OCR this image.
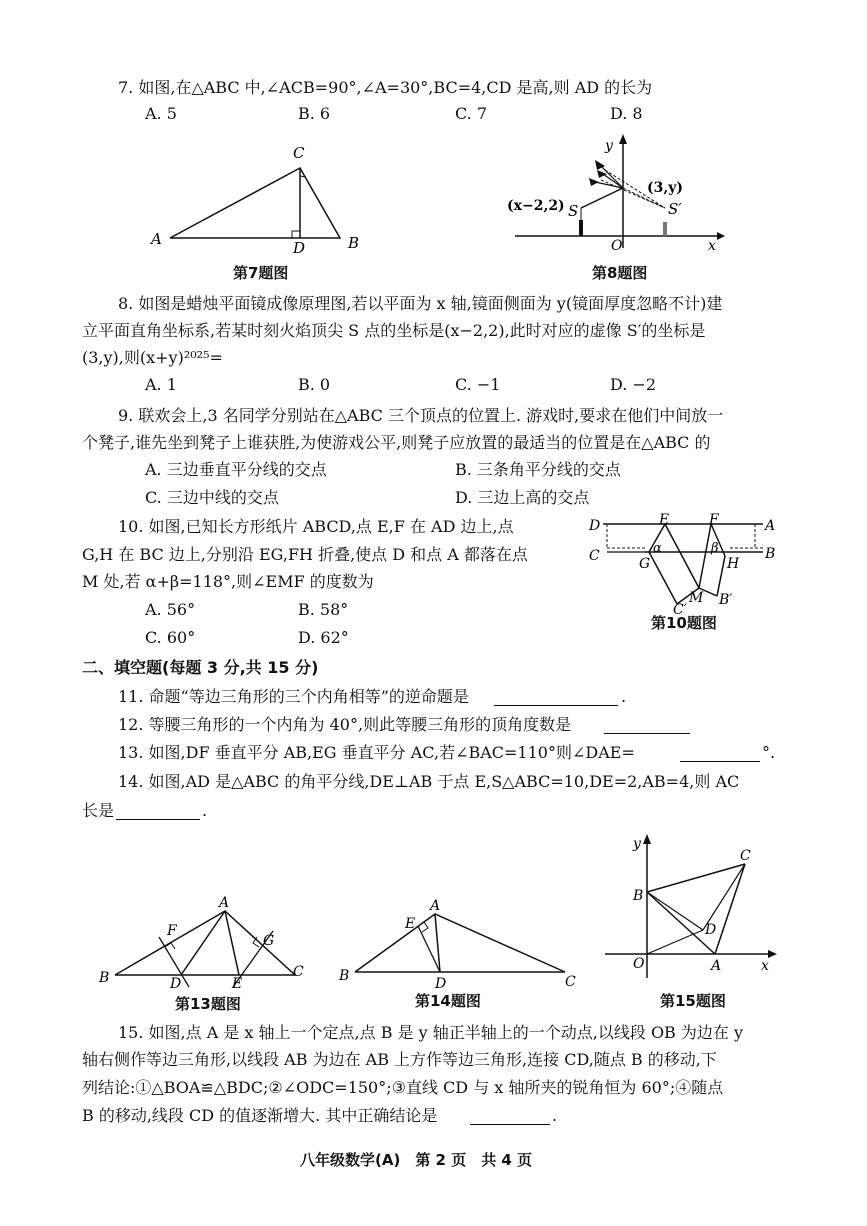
7. 如图,在△ABC 中,∠ACB=90°,∠A=30°,BC=4,CD 是高,则 AD 的长为
A. 5	B. 6	C. 7	D. 8
A
C
D	B
第7题图
(x−2,2) S	S′
(3,y)
O	x
y
第8题图
8. 如图是蜡烛平面镜成像原理图,若以平面为 x 轴,镜面侧面为 y(镜面厚度忽略不计)建
立平面直角坐标系,若某时刻火焰顶尖 S 点的坐标是(x−2,2),此时对应的虚像 S′的坐标是
(3,y),则(x+y)²⁰²⁵=
A. 1	B. 0	C. −1	D. −2
9. 联欢会上,3 名同学分别站在△ABC 三个顶点的位置上. 游戏时,要求在他们中间放一
个凳子,谁先坐到凳子上谁获胜,为使游戏公平,则凳子应放置的最适当的位置是在△ABC 的
A. 三边垂直平分线的交点	B. 三条角平分线的交点
C. 三边中线的交点	D. 三边上高的交点
10. 如图,已知长方形纸片 ABCD,点 E,F 在 AD 边上,点
G,H 在 BC 边上,分别沿 EG,FH 折叠,使点 D 和点 A 都落在点
M 处,若 α+β=118°,则∠EMF 的度数为
A. 56°	B. 58°
C. 60°	D. 62°
D	E	F	A
C	B
G	H
α	β
M
C′
B′
第10题图
二、填空题(每题 3 分,共 15 分)
11. 命题“等边三角形的三个内角相等”的逆命题是	.
12. 等腰三角形的一个内角为 40°,则此等腰三角形的顶角度数是
13. 如图,DF 垂直平分 AB,EG 垂直平分 AC,若∠BAC=110°则∠DAE=	°.
14. 如图,AD 是△ABC 的角平分线,DE⊥AB 于点 E,S△ABC=10,DE=2,AB=4,则 AC
长是	.
B
A
C
D	E
F
G
第13题图
B
A
E
D	C
第14题图
y
B
C
D
O	A	x
第15题图
15. 如图,点 A 是 x 轴上一个定点,点 B 是 y 轴正半轴上的一个动点,以线段 OB 为边在 y
轴右侧作等边三角形,以线段 AB 为边在 AB 上方作等边三角形,连接 CD,随点 B 的移动,下
列结论:①△BOA≌△BDC;②∠ODC=150°;③直线 CD 与 x 轴所夹的锐角恒为 60°;④随点
B 的移动,线段 CD 的值逐渐增大. 其中正确结论是	.
八年级数学(A)　第 2 页　共 4 页
